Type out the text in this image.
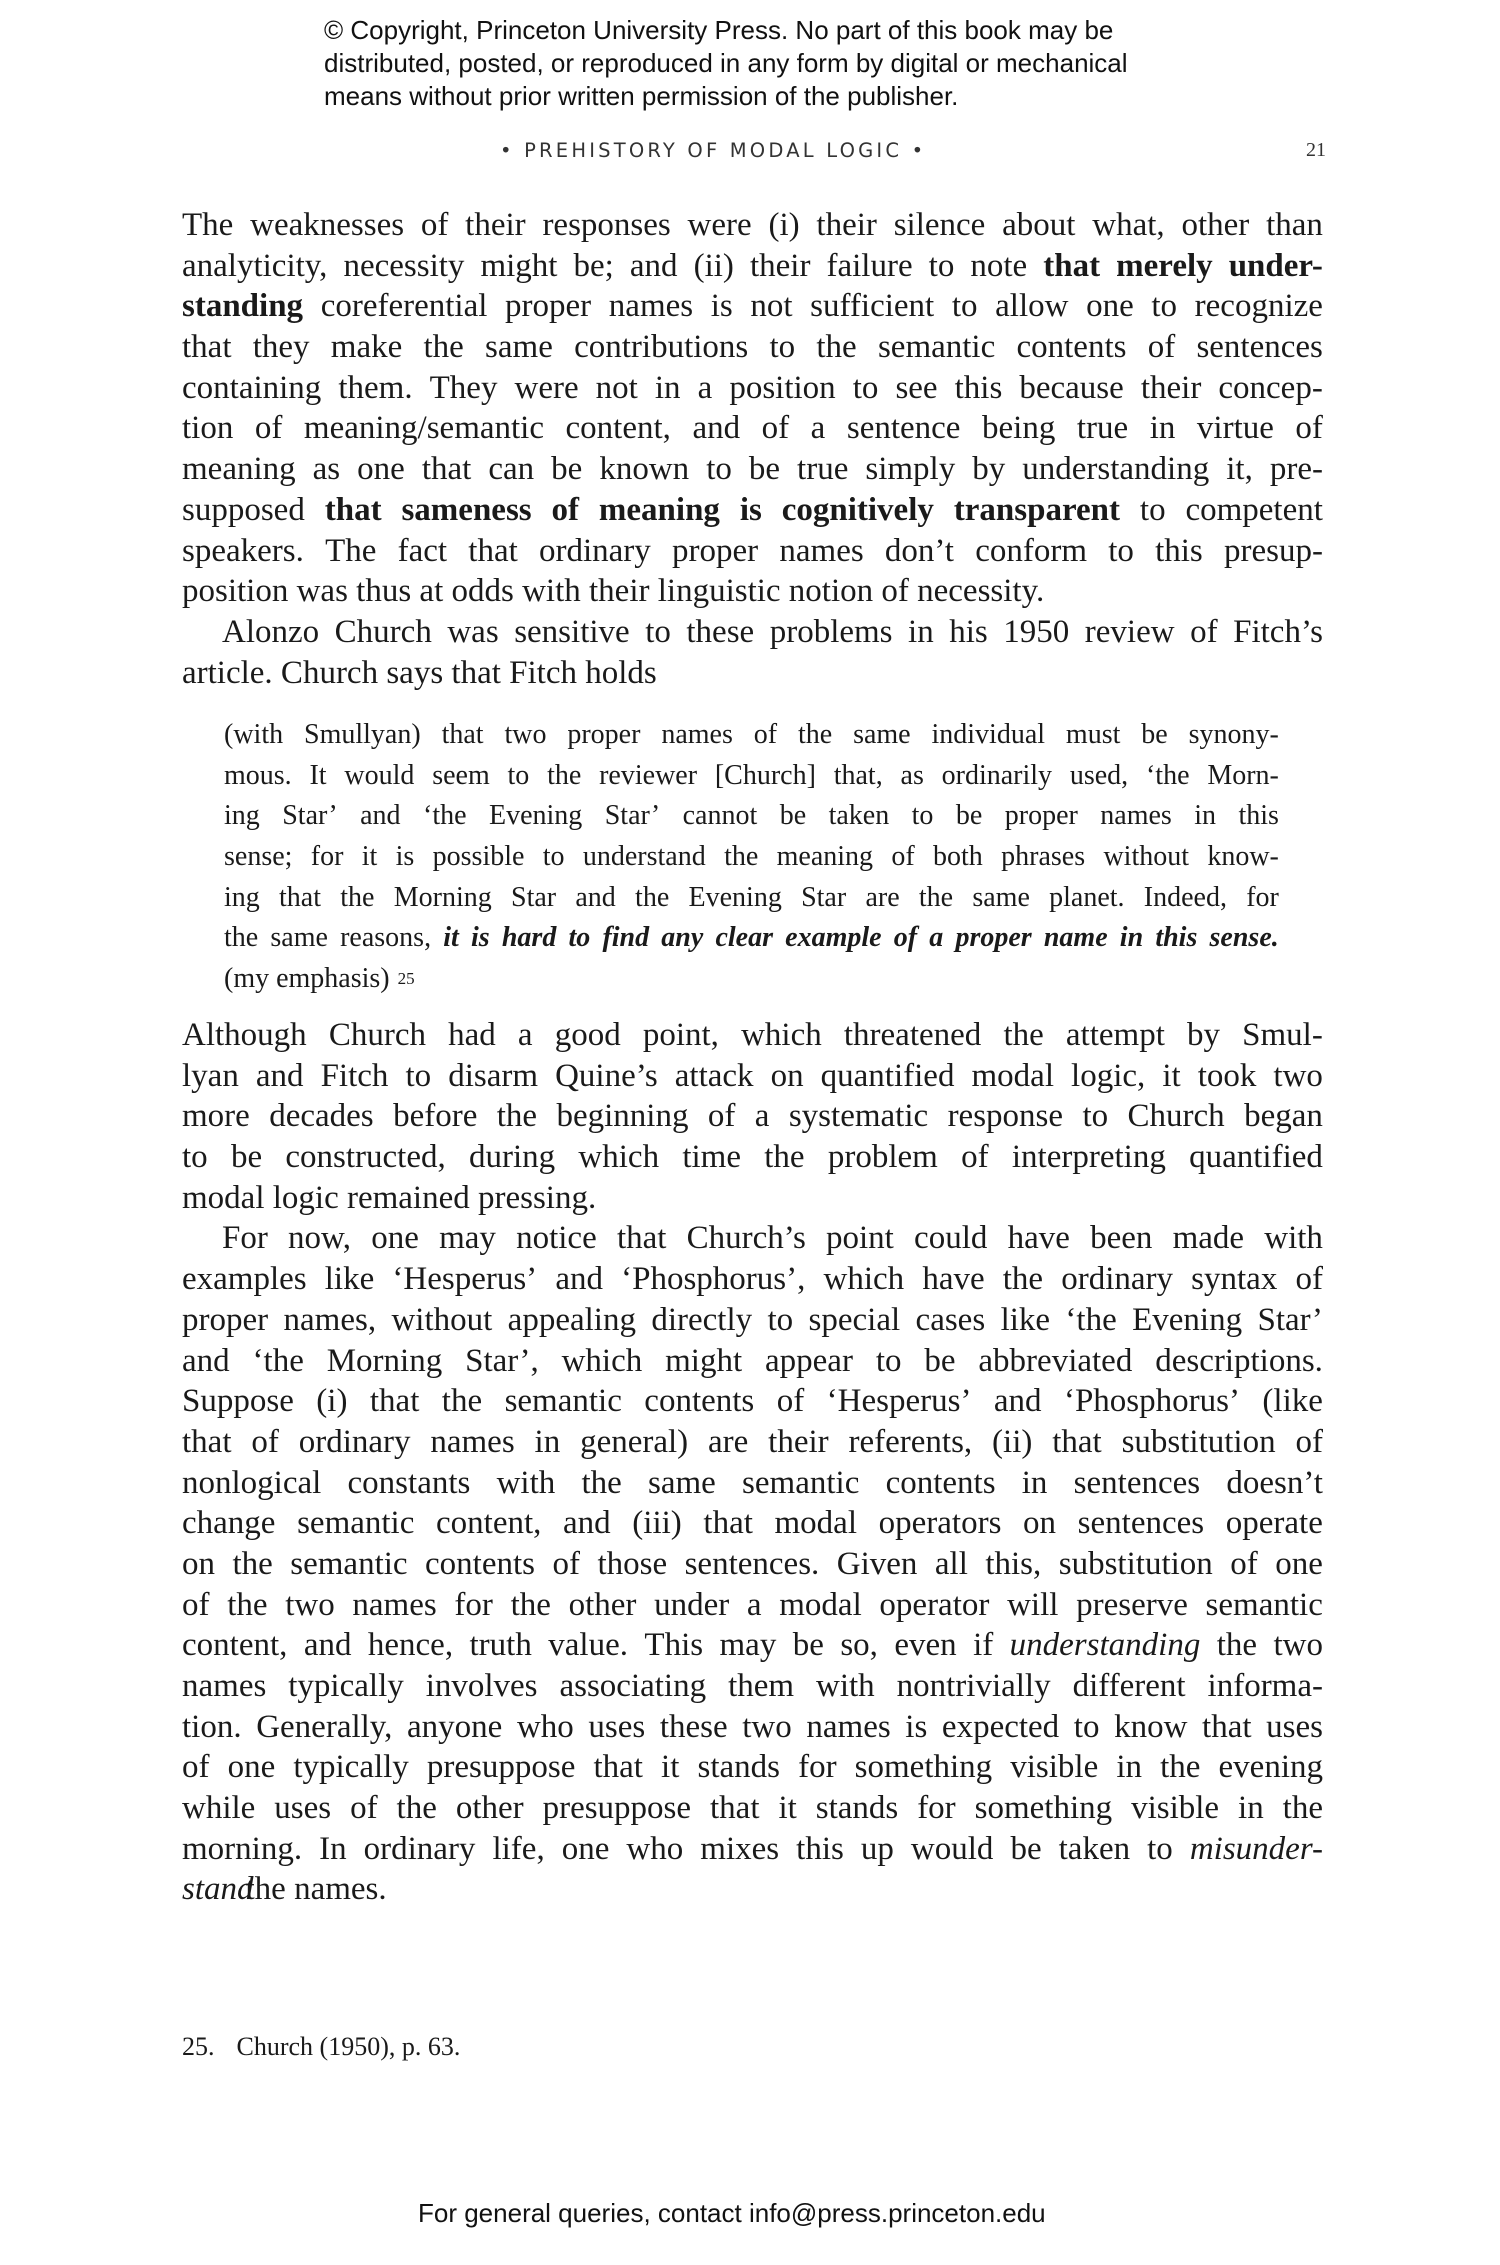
© Copyright, Princeton University Press. No part of this book may be
distributed, posted, or reproduced in any form by digital or mechanical
means without prior written permission of the publisher.
• PREHISTORY OF MODAL LOGIC •	21
The weaknesses of their responses were (i) their silence about what, other than
analyticity, necessity might be; and (ii) their failure to note that merely under-
standing coreferential proper names is not sufficient to allow one to recognize
that they make the same contributions to the semantic contents of sentences
containing them. They were not in a position to see this because their concep-
tion of meaning/semantic content, and of a sentence being true in virtue of
meaning as one that can be known to be true simply by understanding it, pre-
supposed that sameness of meaning is cognitively transparent to competent
speakers. The fact that ordinary proper names don’t conform to this presup-
position was thus at odds with their linguistic notion of necessity.
Alonzo Church was sensitive to these problems in his 1950 review of Fitch’s
article. Church says that Fitch holds
(with Smullyan) that two proper names of the same individual must be synony-
mous. It would seem to the reviewer [Church] that, as ordinarily used, ‘the Morn-
ing Star’ and ‘the Evening Star’ cannot be taken to be proper names in this
sense; for it is possible to understand the meaning of both phrases without know-
ing that the Morning Star and the Evening Star are the same planet. Indeed, for
the same reasons, it is hard to find any clear example of a proper name in this sense.
(my emphasis) 25
Although Church had a good point, which threatened the attempt by Smul-
lyan and Fitch to disarm Quine’s attack on quantified modal logic, it took two
more decades before the beginning of a systematic response to Church began
to be constructed, during which time the problem of interpreting quantified
modal logic remained pressing.
For now, one may notice that Church’s point could have been made with
examples like ‘Hesperus’ and ‘Phosphorus’, which have the ordinary syntax of
proper names, without appealing directly to special cases like ‘the Evening Star’
and ‘the Morning Star’, which might appear to be abbreviated descriptions.
Suppose (i) that the semantic contents of ‘Hesperus’ and ‘Phosphorus’ (like
that of ordinary names in general) are their referents, (ii) that substitution of
nonlogical constants with the same semantic contents in sentences doesn’t
change semantic content, and (iii) that modal operators on sentences operate
on the semantic contents of those sentences. Given all this, substitution of one
of the two names for the other under a modal operator will preserve semantic
content, and hence, truth value. This may be so, even if understanding the two
names typically involves associating them with nontrivially different informa-
tion. Generally, anyone who uses these two names is expected to know that uses
of one typically presuppose that it stands for something visible in the evening
while uses of the other presuppose that it stands for something visible in the
morning. In ordinary life, one who mixes this up would be taken to misunder-
stand
the names.
25. Church (1950), p. 63.
For general queries, contact info@press.princeton.edu
